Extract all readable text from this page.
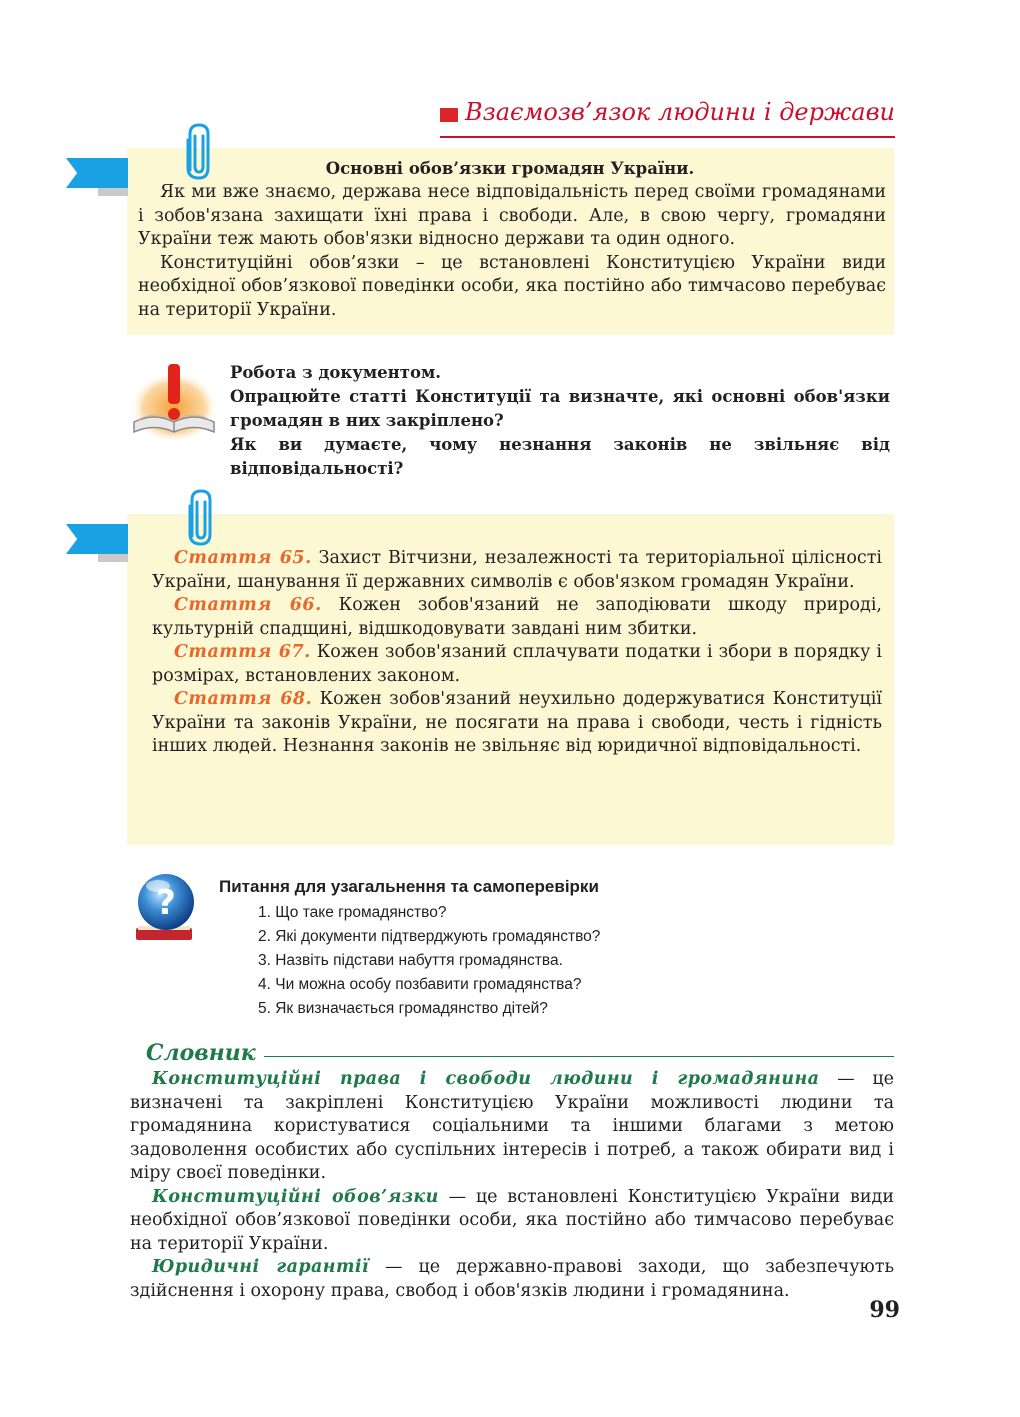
Взаємозв’язок людини і держави
Основні обов’язки громадян України.

Як ми вже знаємо, держава несе відповідальність перед своїми громадянами і зобов'язана захищати їхні права і свободи. Але, в свою чергу, громадяни України теж мають обов'язки відносно держави та один одного.

Конституційні обов’язки – це встановлені Конституцією України види необхідної обов’язкової поведінки особи, яка постійно або тимчасово перебуває на території України.

Робота з документом.
Опрацюйте статті Конституції та визначте, які основні обов'язки громадян в них закріплено?
Як ви думаєте, чому незнання законів не звільняє від відповідальності?

Стаття 65. Захист Вітчизни, незалежності та територіальної цілісності України, шанування її державних символів є обов'язком громадян України.

Стаття 66. Кожен зобов'язаний не заподіювати шкоду природі, культурній спадщині, відшкодовувати завдані ним збитки.

Стаття 67. Кожен зобов'язаний сплачувати податки і збори в порядку і розмірах, встановлених законом.

Стаття 68. Кожен зобов'язаний неухильно додержуватися Конституції України та законів України, не посягати на права і свободи, честь і гідність інших людей. Незнання законів не звільняє від юридичної відповідальності.

?	Питання для узагальнення та самоперевірки
1. Що таке громадянство?
2. Які документи підтверджують громадянство?
3. Назвіть підстави набуття громадянства.
4. Чи можна особу позбавити громадянства?
5. Як визначається громадянство дітей?
Словник

Конституційні права і свободи людини і громадянина — це визначені та закріплені Конституцією України можливості людини та громадянина користуватися соціальними та іншими благами з метою задоволення особистих або суспільних інтересів і потреб, а також обирати вид і міру своєї поведінки.

Конституційні обов’язки — це встановлені Конституцією України види необхідної обов’язкової поведінки особи, яка постійно або тимчасово перебуває на території України.

Юридичні гарантії — це державно-правові заходи, що забезпечують здійснення і охорону права, свобод і обов'язків людини і громадянина.

99
